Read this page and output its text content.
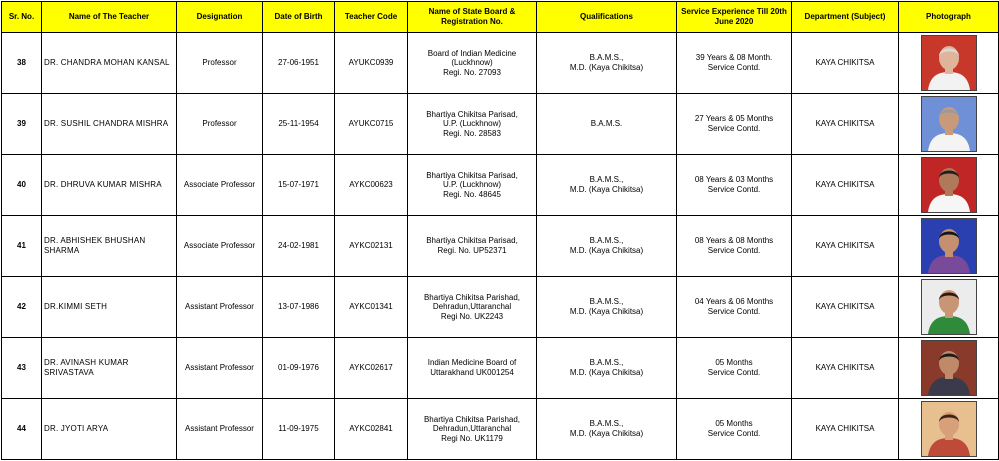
Sr. No.	Name of The Teacher	Designation	Date of Birth	Teacher Code	Name of State Board & Registration No.	Qualifications	Service Experience Till 20th June 2020	Department (Subject)	Photograph
38	DR. CHANDRA MOHAN KANSAL	Professor	27-06-1951	AYUKC0939	Board of Indian Medicine
(Luckhnow)
Regi. No. 27093	B.A.M.S.,
M.D. (Kaya Chikitsa)	39 Years & 08 Month.
Service Contd.	KAYA CHIKITSA	

39	DR. SUSHIL CHANDRA MISHRA	Professor	25-11-1954	AYUKC0715	Bhartiya Chikitsa Parisad,
U.P. (Luckhnow)
Regi. No. 28583	B.A.M.S.	27 Years & 05 Months
Service Contd.	KAYA CHIKITSA	

40	DR. DHRUVA KUMAR MISHRA	Associate Professor	15-07-1971	AYKC00623	Bhartiya Chikitsa Parisad,
U.P. (Luckhnow)
Regi. No. 48645	B.A.M.S.,
M.D. (Kaya Chikitsa)	08 Years & 03 Months
Service Contd.	KAYA CHIKITSA	

41	DR. ABHISHEK BHUSHAN SHARMA	Associate Professor	24-02-1981	AYKC02131	Bhartiya Chikitsa Parisad,
Regi. No. UP52371	B.A.M.S.,
M.D. (Kaya Chikitsa)	08 Years & 08 Months
Service Contd.	KAYA CHIKITSA	

42	DR.KIMMI SETH	Assistant Professor	13-07-1986	AYKC01341	Bhartiya Chikitsa Parishad,
Dehradun,Uttaranchal
Regi No. UK2243	B.A.M.S.,
M.D. (Kaya Chikitsa)	04 Years & 06 Months
Service Contd.	KAYA CHIKITSA	

43	DR. AVINASH KUMAR SRIVASTAVA	Assistant Professor	01-09-1976	AYKC02617	Indian Medicine Board of
Uttarakhand UK001254	B.A.M.S.,
M.D. (Kaya Chikitsa)	05 Months
Service Contd.	KAYA CHIKITSA	

44	DR. JYOTI ARYA	Assistant Professor	11-09-1975	AYKC02841	Bhartiya Chikitsa Parishad,
Dehradun,Uttaranchal
Regi No. UK1179	B.A.M.S.,
M.D. (Kaya Chikitsa)	05 Months
Service Contd.	KAYA CHIKITSA	
